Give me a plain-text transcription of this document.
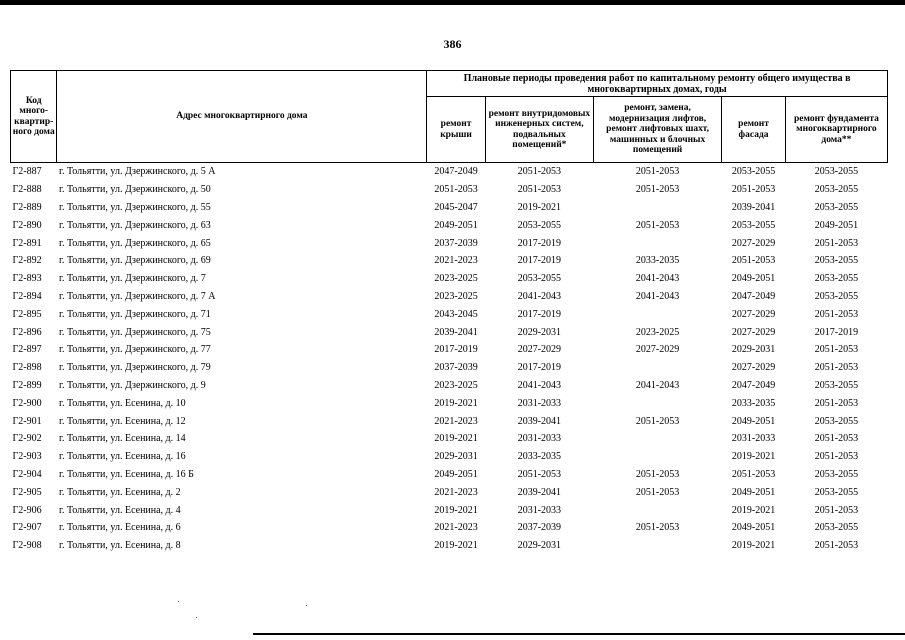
386
Код много-квартир-ного дома	Адрес многоквартирного дома	Плановые периоды проведения работ по капитальному ремонту общего имущества в многоквартирных домах, годы				
		ремонт крыши	ремонт внутридомовых инженерных систем, подвальных помещений*	ремонт, замена, модернизация лифтов, ремонт лифтовых шахт, машинных и блочных помещений	ремонт фасада	ремонт фундамента многоквартирного дома**
Г2-887	г. Тольятти, ул. Дзержинского, д. 5 А	2047-2049	2051-2053	2051-2053	2053-2055	2053-2055
Г2-888	г. Тольятти, ул. Дзержинского, д. 50	2051-2053	2051-2053	2051-2053	2051-2053	2053-2055
Г2-889	г. Тольятти, ул. Дзержинского, д. 55	2045-2047	2019-2021		2039-2041	2053-2055
Г2-890	г. Тольятти, ул. Дзержинского, д. 63	2049-2051	2053-2055	2051-2053	2053-2055	2049-2051
Г2-891	г. Тольятти, ул. Дзержинского, д. 65	2037-2039	2017-2019		2027-2029	2051-2053
Г2-892	г. Тольятти, ул. Дзержинского, д. 69	2021-2023	2017-2019	2033-2035	2051-2053	2053-2055
Г2-893	г. Тольятти, ул. Дзержинского, д. 7	2023-2025	2053-2055	2041-2043	2049-2051	2053-2055
Г2-894	г. Тольятти, ул. Дзержинского, д. 7 А	2023-2025	2041-2043	2041-2043	2047-2049	2053-2055
Г2-895	г. Тольятти, ул. Дзержинского, д. 71	2043-2045	2017-2019		2027-2029	2051-2053
Г2-896	г. Тольятти, ул. Дзержинского, д. 75	2039-2041	2029-2031	2023-2025	2027-2029	2017-2019
Г2-897	г. Тольятти, ул. Дзержинского, д. 77	2017-2019	2027-2029	2027-2029	2029-2031	2051-2053
Г2-898	г. Тольятти, ул. Дзержинского, д. 79	2037-2039	2017-2019		2027-2029	2051-2053
Г2-899	г. Тольятти, ул. Дзержинского, д. 9	2023-2025	2041-2043	2041-2043	2047-2049	2053-2055
Г2-900	г. Тольятти, ул. Есенина, д. 10	2019-2021	2031-2033		2033-2035	2051-2053
Г2-901	г. Тольятти, ул. Есенина, д. 12	2021-2023	2039-2041	2051-2053	2049-2051	2053-2055
Г2-902	г. Тольятти, ул. Есенина, д. 14	2019-2021	2031-2033		2031-2033	2051-2053
Г2-903	г. Тольятти, ул. Есенина, д. 16	2029-2031	2033-2035		2019-2021	2051-2053
Г2-904	г. Тольятти, ул. Есенина, д. 16 Б	2049-2051	2051-2053	2051-2053	2051-2053	2053-2055
Г2-905	г. Тольятти, ул. Есенина, д. 2	2021-2023	2039-2041	2051-2053	2049-2051	2053-2055
Г2-906	г. Тольятти, ул. Есенина, д. 4	2019-2021	2031-2033		2019-2021	2051-2053
Г2-907	г. Тольятти, ул. Есенина, д. 6	2021-2023	2037-2039	2051-2053	2049-2051	2053-2055
Г2-908	г. Тольятти, ул. Есенина, д. 8	2019-2021	2029-2031		2019-2021	2051-2053
